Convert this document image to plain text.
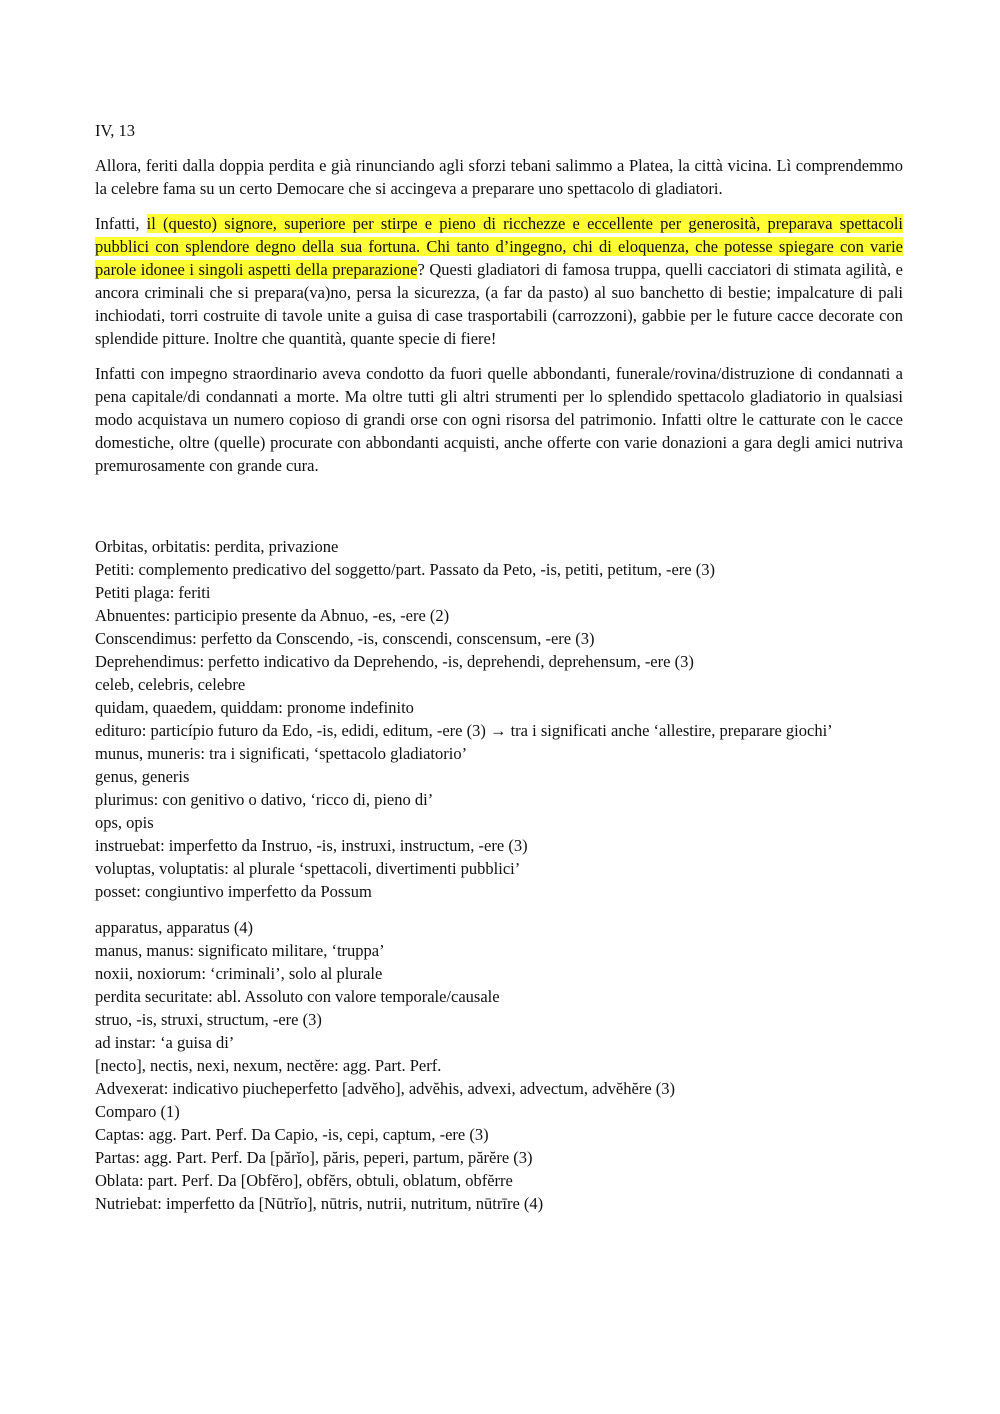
IV, 13

Allora, feriti dalla doppia perdita e già rinunciando agli sforzi tebani salimmo a Platea, la città vicina. Lì comprendemmo la celebre fama su un certo Democare che si accingeva a preparare uno spettacolo di gladiatori.

Infatti, il (questo) signore, superiore per stirpe e pieno di ricchezze e eccellente per generosità, preparava spettacoli pubblici con splendore degno della sua fortuna. Chi tanto d’ingegno, chi di eloquenza, che potesse spiegare con varie parole idonee i singoli aspetti della preparazione? Questi gladiatori di famosa truppa, quelli cacciatori di stimata agilità, e ancora criminali che si prepara(va)no, persa la sicurezza, (a far da pasto) al suo banchetto di bestie; impalcature di pali inchiodati, torri costruite di tavole unite a guisa di case trasportabili (carrozzoni), gabbie per le future cacce decorate con splendide pitture. Inoltre che quantità, quante specie di fiere!

Infatti con impegno straordinario aveva condotto da fuori quelle abbondanti, funerale/rovina/distruzione di condannati a pena capitale/di condannati a morte. Ma oltre tutti gli altri strumenti per lo splendido spettacolo gladiatorio in qualsiasi modo acquistava un numero copioso di grandi orse con ogni risorsa del patrimonio. Infatti oltre le catturate con le cacce domestiche, oltre (quelle) procurate con abbondanti acquisti, anche offerte con varie donazioni a gara degli amici nutriva premurosamente con grande cura.

Orbitas, orbitatis: perdita, privazione
Petiti: complemento predicativo del soggetto/part. Passato da Peto, -is, petiti, petitum, -ere (3)
Petiti plaga: feriti
Abnuentes: participio presente da Abnuo, -es, -ere (2)
Conscendimus: perfetto da Conscendo, -is, conscendi, conscensum, -ere (3)
Deprehendimus: perfetto indicativo da Deprehendo, -is, deprehendi, deprehensum, -ere (3)
celeb, celebris, celebre
quidam, quaedem, quiddam: pronome indefinito
edituro: particípio futuro da Edo, -is, edidi, editum, -ere (3) → tra i significati anche ‘allestire, preparare giochi’
munus, muneris: tra i significati, ‘spettacolo gladiatorio’
genus, generis
plurimus: con genitivo o dativo, ‘ricco di, pieno di’
ops, opis
instruebat: imperfetto da Instruo, -is, instruxi, instructum, -ere (3)
voluptas, voluptatis: al plurale ‘spettacoli, divertimenti pubblici’
posset: congiuntivo imperfetto da Possum
apparatus, apparatus (4)
manus, manus: significato militare, ‘truppa’
noxii, noxiorum: ‘criminali’, solo al plurale
perdita securitate: abl. Assoluto con valore temporale/causale
struo, -is, struxi, structum, -ere (3)
ad instar: ‘a guisa di’
[necto], nectis, nexi, nexum, nectĕre: agg. Part. Perf.
Advexerat: indicativo piucheperfetto [advĕho], advĕhis, advexi, advectum, advĕhĕre (3)
Comparo (1)
Captas: agg. Part. Perf. Da Capio, -is, cepi, captum, -ere (3)
Partas: agg. Part. Perf. Da [părĭo], păris, peperi, partum, părĕre (3)
Oblata: part. Perf. Da [Obfĕro], obfĕrs, obtuli, oblatum, obfĕrre
Nutriebat: imperfetto da [Nūtrĭo], nūtris, nutrii, nutritum, nūtrīre (4)
